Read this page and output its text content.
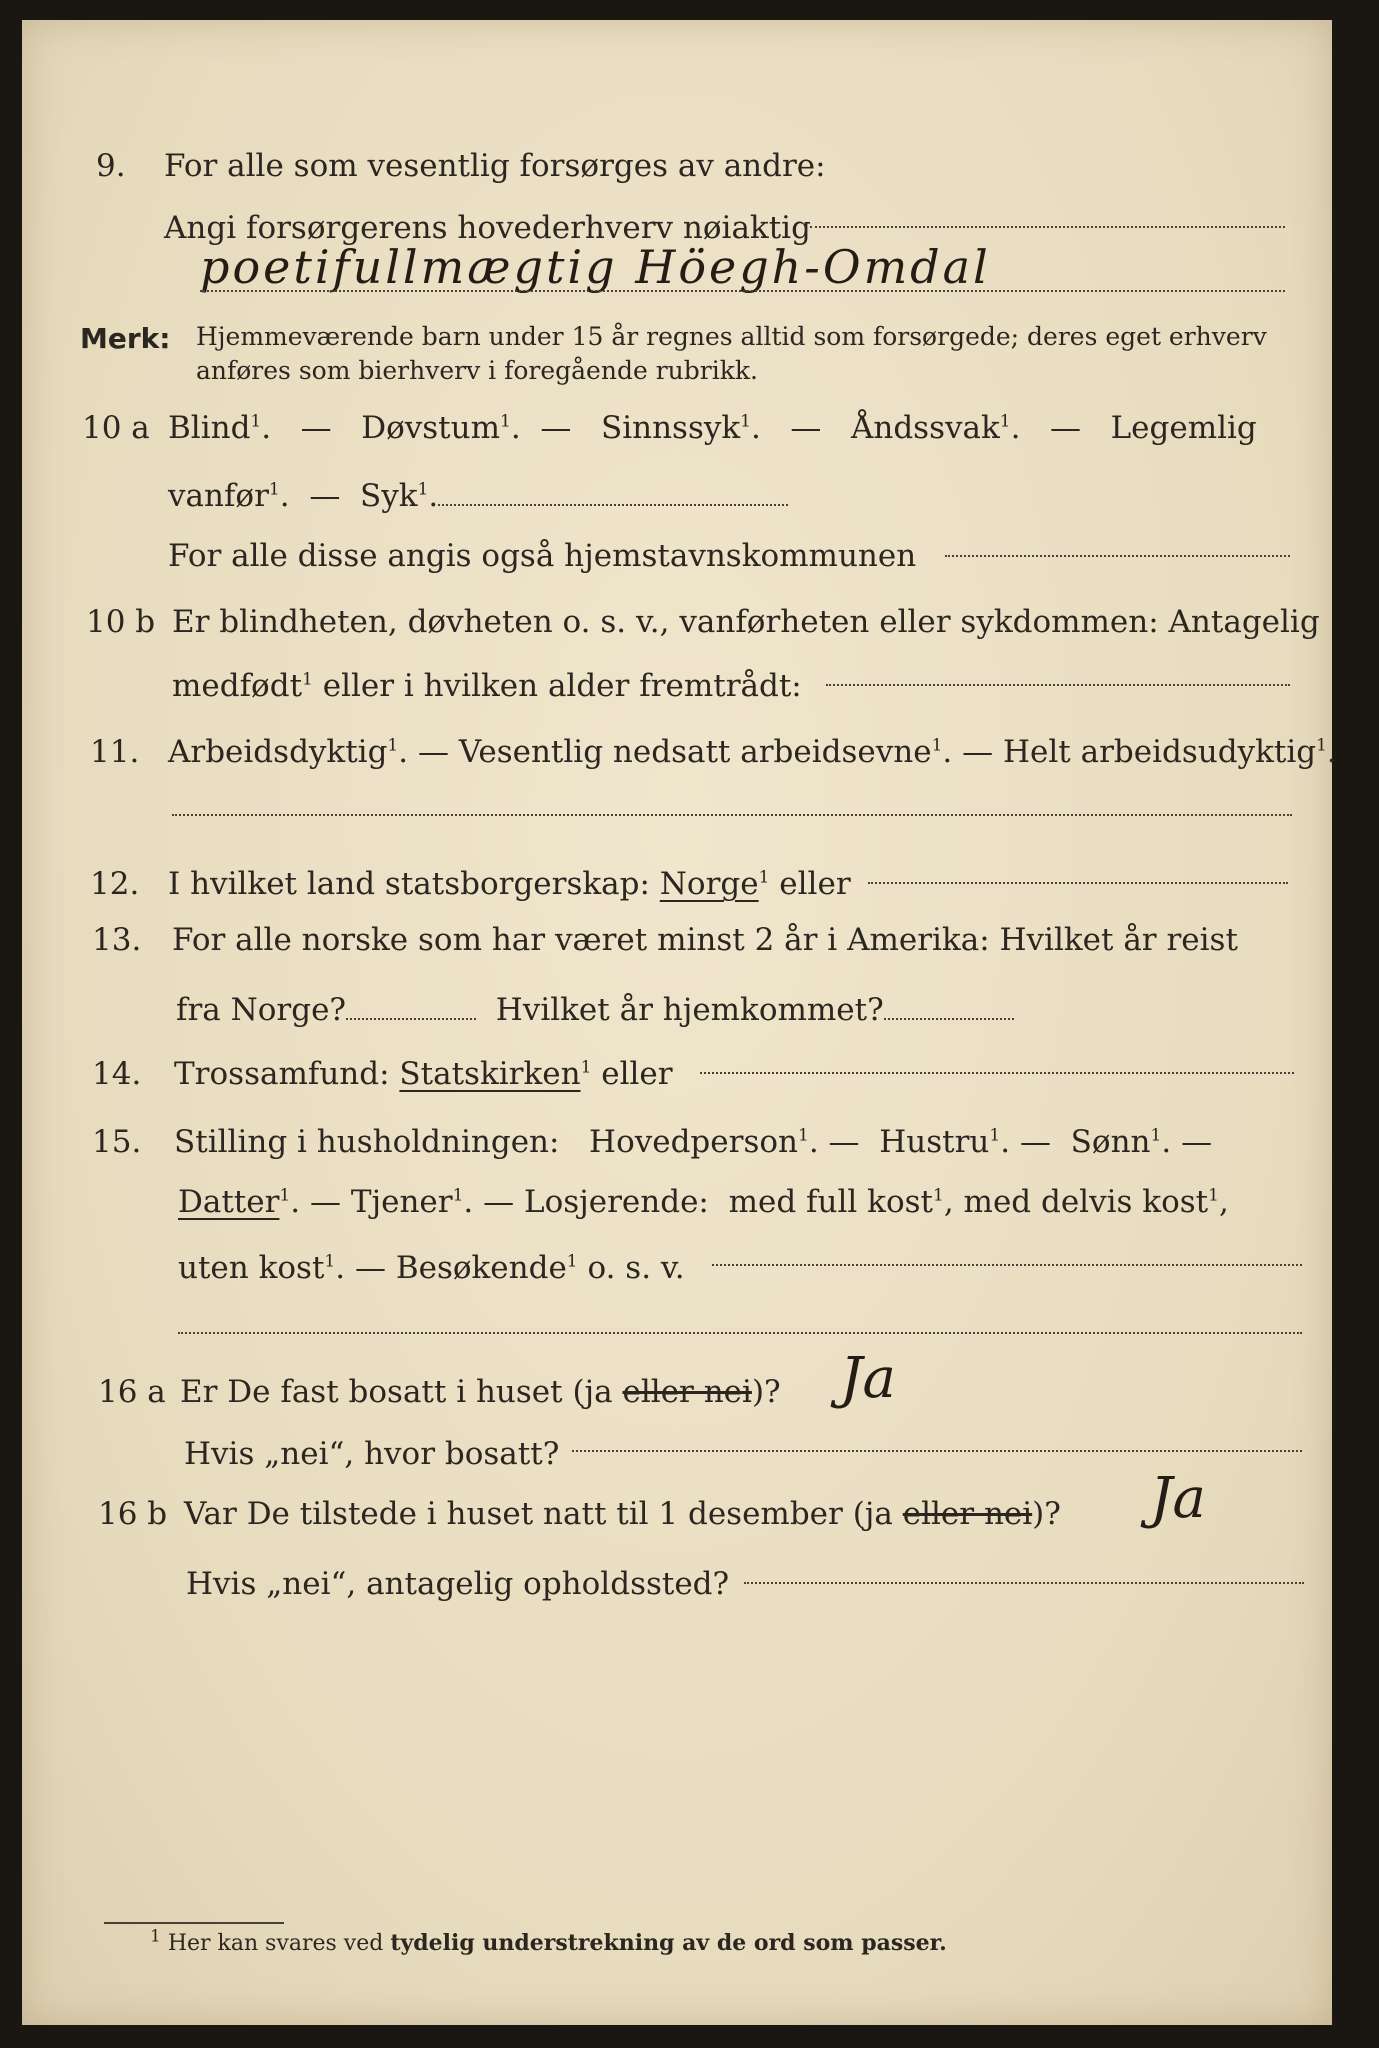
9. For alle som vesentlig forsørges av andre:
Angi forsørgerens hovederhverv nøiaktig
poetifullmægtig Höegh-Omdal
Merk: Hjemmeværende barn under 15 år regnes alltid som forsørgede; deres eget erhverv
anføres som bierhverv i foregående rubrikk.
10 a Blind$^1$.   — Døvstum$^1$.  — Sinnssyk$^1$.   — Åndssvak$^1$.   — Legemlig
vanfør$^1$.  — Syk$^1$.
For alle disse angis også hjemstavnskommunen
10 b Er blindheten, døvheten o. s. v., vanførheten eller sykdommen: Antagelig
medfødt$^1$ eller i hvilken alder fremtrådt:
11. Arbeidsdyktig$^1$. — Vesentlig nedsatt arbeidsevne$^1$. — Helt arbeidsudyktig$^1$.
12. I hvilket land statsborgerskap: Norge$^1$ eller
13. For alle norske som har været minst 2 år i Amerika: Hvilket år reist
fra Norge?	Hvilket år hjemkommet?
14. Trossamfund: Statskirken$^1$ eller
15. Stilling i husholdningen: Hovedperson$^1$. — Hustru$^1$. — Sønn$^1$. —
Datter$^1$. — Tjener$^1$. — Losjerende: med full kost$^1$, med delvis kost$^1$,
uten kost$^1$. — Besøkende$^1$ o. s. v.
16 a Er De fast bosatt i huset (ja eller nei)? Ja
Hvis „nei“, hvor bosatt?
16 b Var De tilstede i huset natt til 1 desember (ja eller nei)? Ja
Hvis „nei“, antagelig opholdssted?
$^1$ Her kan svares ved tydelig understrekning av de ord som passer.
